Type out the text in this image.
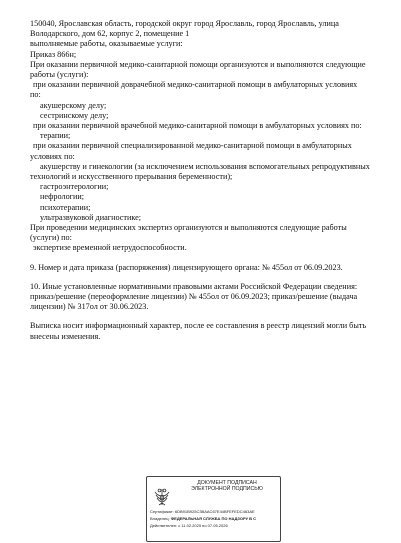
150040, Ярославская область, городской округ город Ярославль, город Ярославль, улица
Володарского, дом 62, корпус 2, помещение 1
выполняемые работы, оказываемые услуги:
Приказ 866н;
При оказании первичной медико-санитарной помощи организуются и выполняются следующие
работы (услуги):
при оказании первичной доврачебной медико-санитарной помощи в амбулаторных условиях
по:
акушерскому делу;
сестринскому делу;
при оказании первичной врачебной медико-санитарной помощи в амбулаторных условиях по:
терапии;
при оказании первичной специализированной медико-санитарной помощи в амбулаторных
условиях по:
акушерству и гинекологии (за исключением использования вспомогательных репродуктивных
технологий и искусственного прерывания беременности);
гастроэнтерологии;
нефрологии;
психотерапии;
ультразвуковой диагностике;
При проведении медицинских экспертиз организуются и выполняются следующие работы
(услуги) по:
экспертизе временной нетрудоспособности.
9. Номер и дата приказа (распоряжения) лицензирующего органа: № 455ол от 06.09.2023.
10. Иные установленные нормативными правовыми актами Российской Федерации сведения:
приказ/решение (переоформление лицензии) № 455ол от 06.09.2023; приказ/решение (выдача
лицензии) № 317ол от 30.06.2023.
Выписка носит информационный характер, после ее составления в реестр лицензий могли быть
внесены изменения.
ДОКУМЕНТ ПОДПИСАН
ЭЛЕКТРОННОЙ ПОДПИСЬЮ
Сертификат: 6DB91B925C3BAAC67E44BFEFEDC463AE
Владелец: ФЕДЕРАЛЬНАЯ СЛУЖБА ПО НАДЗОРУ В С
Действителен: с 11.02.2025 по 07.05.2026
